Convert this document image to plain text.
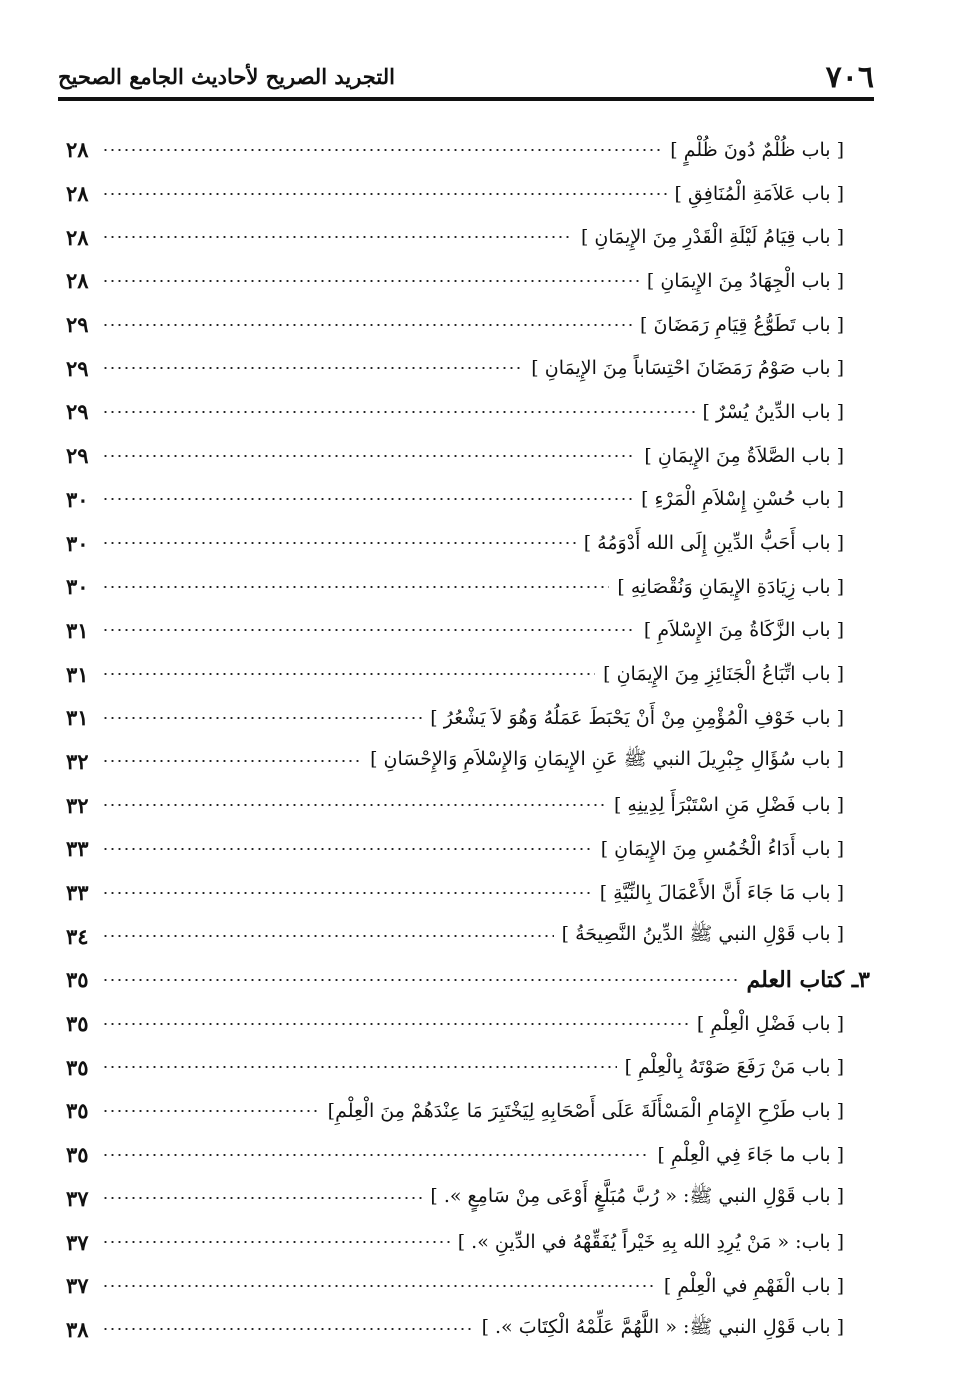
٧٠٦
التجريد الصريح لأحاديث الجامع الصحيح
[ باب ظُلْمٌ دُونَ ظُلْمٍ ]
٢٨
[ باب عَلاَمَةِ الْمُنَافِقِ ]
٢٨
[ باب قِيَامُ لَيْلَةِ الْقَدْرِ مِنَ الإِيمَانِ ]
٢٨
[ باب الْجِهَادُ مِنَ الإِيمَانِ ]
٢٨
[ باب تَطَوُّعُ قِيَامِ رَمَضَانَ ]
٢٩
[ باب صَوْمُ رَمَضَانَ احْتِسَاباً مِنَ الإِيمَانِ ]
٢٩
[ باب الدِّينُ يُسْرٌ ]
٢٩
[ باب الصَّلاَةُ مِنَ الإِيمَانِ ]
٢٩
[ باب حُسْنِ إِسْلاَمِ الْمَرْءِ ]
٣٠
[ باب أَحَبُّ الدِّينِ إِلَى الله أَدْوَمُهُ ]
٣٠
[ باب زِيَادَةِ الإِيمَانِ وَنُقْصَانِهِ ]
٣٠
[ باب الزَّكَاةُ مِنَ الإِسْلاَمِ ]
٣١
[ باب اتِّبَاعُ الْجَنَائِزِ مِنَ الإِيمَانِ ]
٣١
[ باب خَوْفِ الْمُؤْمِنِ مِنْ أَنْ يَحْبَطَ عَمَلُهُ وَهُوَ لاَ يَشْعُرُ ]
٣١
[ باب سُؤَالِ جِبْرِيلَ النبي ﷺ عَنِ الإِيمَانِ وَالإِسْلاَمِ وَالإِحْسَانِ ]
٣٢
[ باب فَضْلِ مَنِ اسْتَبْرَأَ لِدِينِهِ ]
٣٢
[ باب أَدَاءُ الْخُمُسِ مِنَ الإِيمَانِ ]
٣٣
[ باب مَا جَاءَ أَنَّ الأَعْمَالَ بِالنِّيَّةِ ]
٣٣
[ باب قَوْلِ النبي ﷺ الدِّينُ النَّصِيحَةُ ]
٣٤
٣ـ كتاب العلم
٣٥
[ باب فَضْلِ الْعِلْمِ ]
٣٥
[ باب مَنْ رَفَعَ صَوْتَهُ بِالْعِلْمِ ]
٣٥
[ باب طَرْحِ الإِمَامِ الْمَسْأَلَةَ عَلَى أَصْحَابِهِ لِيَخْتَبِرَ مَا عِنْدَهُمْ مِنَ الْعِلْمِ]
٣٥
[ باب ما جَاءَ فِي الْعِلْمِ ]
٣٥
[ باب قَوْلِ النبي ﷺ: « رُبَّ مُبَلَّغٍ أَوْعَى مِنْ سَامِعٍ ». ]
٣٧
[ باب: « مَنْ يُرِدِ الله بِهِ خَيْراً يُفَقِّهْهُ في الدِّينِ ». ]
٣٧
[ باب الْفَهْمِ في الْعِلْمِ ]
٣٧
[ باب قَوْلِ النبي ﷺ: « اللَّهُمَّ عَلِّمْهُ الْكِتَابَ ». ]
٣٨
